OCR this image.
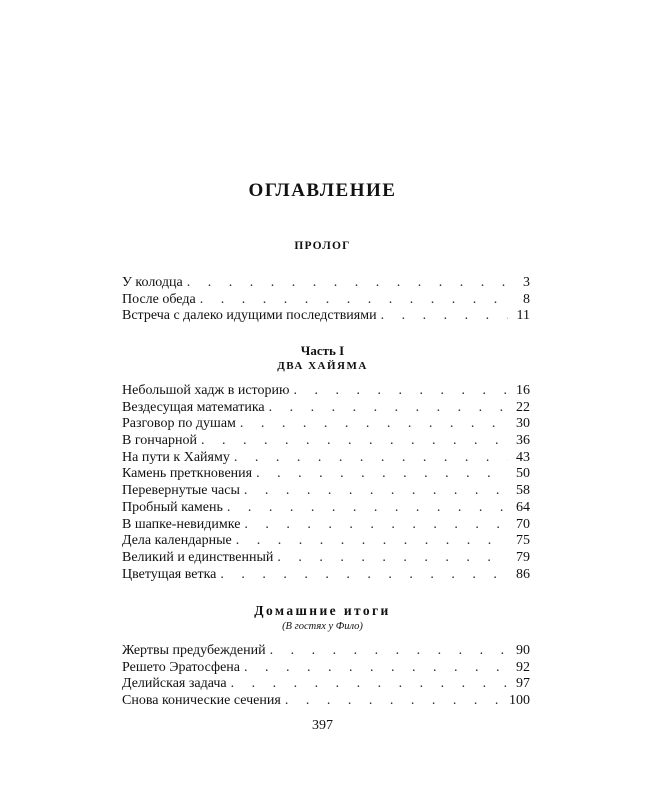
ОГЛАВЛЕНИЕ
ПРОЛОГ
У колодца . . .	3
После обеда . . .	8
Встреча с далеко идущими последствиями . . .	11
Часть I
ДВА ХАЙЯМА
Небольшой хадж в историю . . .	16
Вездесущая математика . . .	22
Разговор по душам . . .	30
В гончарной . . .	36
На пути к Хайяму . . .	43
Камень преткновения . . .	50
Перевернутые часы . . .	58
Пробный камень . . .	64
В шапке-невидимке . . .	70
Дела календарные . . .	75
Великий и единственный . . .	79
Цветущая ветка . . .	86
Домашние итоги
(В гостях у Фило)
Жертвы предубеждений . . .	90
Решето Эратосфена . . .	92
Делийская задача . . .	97
Снова конические сечения . . .	100
397
